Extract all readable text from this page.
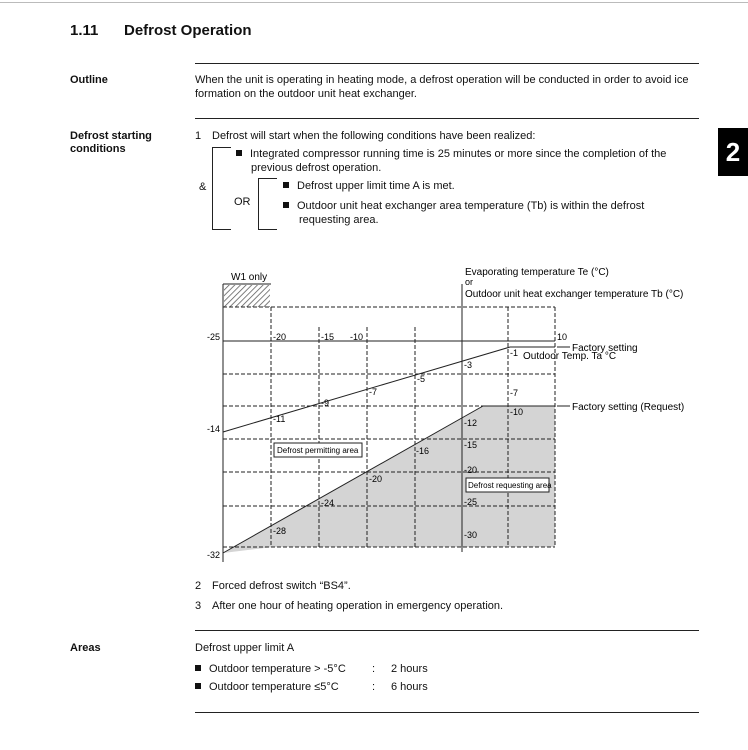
1.11 Defrost Operation
2
Outline	When the unit is operating in heating mode, a defrost operation will be conducted in order to avoid ice
formation on the outdoor unit heat exchanger.
Defrost starting
conditions
1 Defrost will start when the following conditions have been realized:
&
OR
Integrated compressor running time is 25 minutes or more since the completion of the
previous defrost operation.
Defrost upper limit time A is met.
Outdoor unit heat exchanger area temperature (Tb) is within the defrost
requesting area.
W1 only	Evaporating temperature Te (°C)
or
Outdoor unit heat exchanger temperature Tb (°C)
-20	-15 -10	10
-25
-14
-32
-11
-9
-7
-5
-3
-1
-28
-24
-20
-16
-12
-10
-7
-15
-20
-25
-30
Defrost permitting area
Defrost requesting area
Factory setting
Outdoor Temp. Ta °C
Factory setting (Request)
2 Forced defrost switch “BS4”.
3 After one hour of heating operation in emergency operation.
Areas	Defrost upper limit A
Outdoor temperature > -5°C : 2 hours
Outdoor temperature ≤5°C	: 6 hours
